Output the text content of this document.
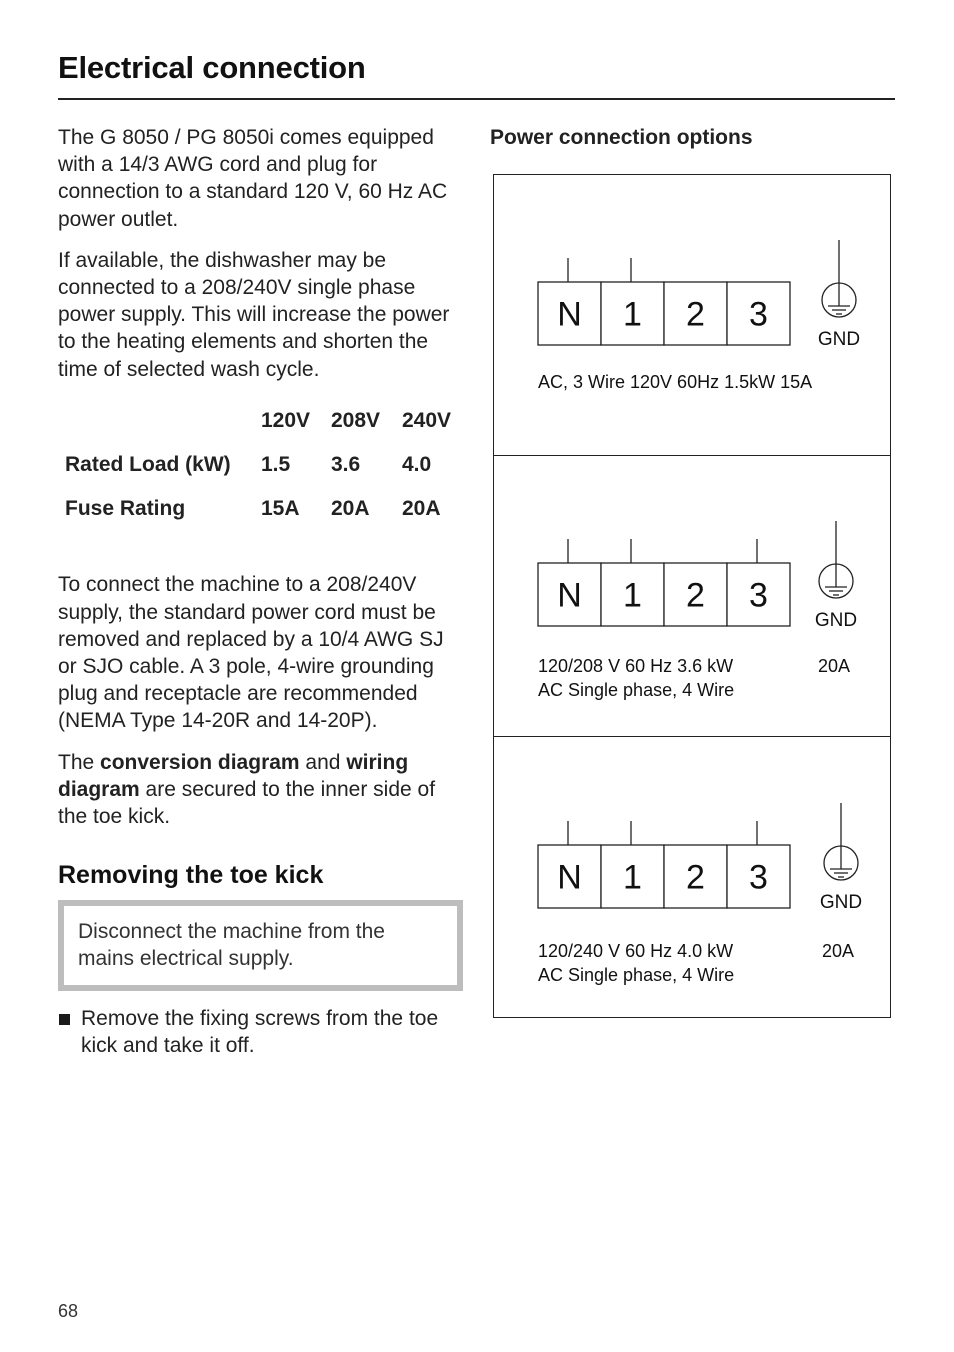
Electrical connection

The G 8050 / PG 8050i comes equipped with a 14/3 AWG cord and plug for connection to a standard 120 V, 60 Hz AC power outlet.

If available, the dishwasher may be connected to a 208/240V single phase power supply. This will increase the power to the heating elements and shorten the time of selected wash cycle.

	120V	208V	240V
Rated Load (kW)	1.5	3.6	4.0
Fuse Rating	15A	20A	20A

To connect the machine to a 208/240V supply, the standard power cord must be removed and replaced by a 10/4 AWG SJ or SJO cable. A 3 pole, 4-wire grounding plug and receptacle are recommended (NEMA Type 14-20R and 14-20P).

The conversion diagram and wiring diagram are secured to the inner side of the toe kick.

Removing the toe kick
Disconnect the machine from the mains electrical supply.
Remove the fixing screws from the toe kick and take it off.
Power connection options
N 1 2 3
GND
AC, 3 Wire 120V 60Hz 1.5kW 15A
N 1 2 3
GND
120/208 V 60 Hz 3.6 kW
AC Single phase, 4 Wire
20A
N 1 2 3
GND
120/240 V 60 Hz 4.0 kW
AC Single phase, 4 Wire
20A
68
